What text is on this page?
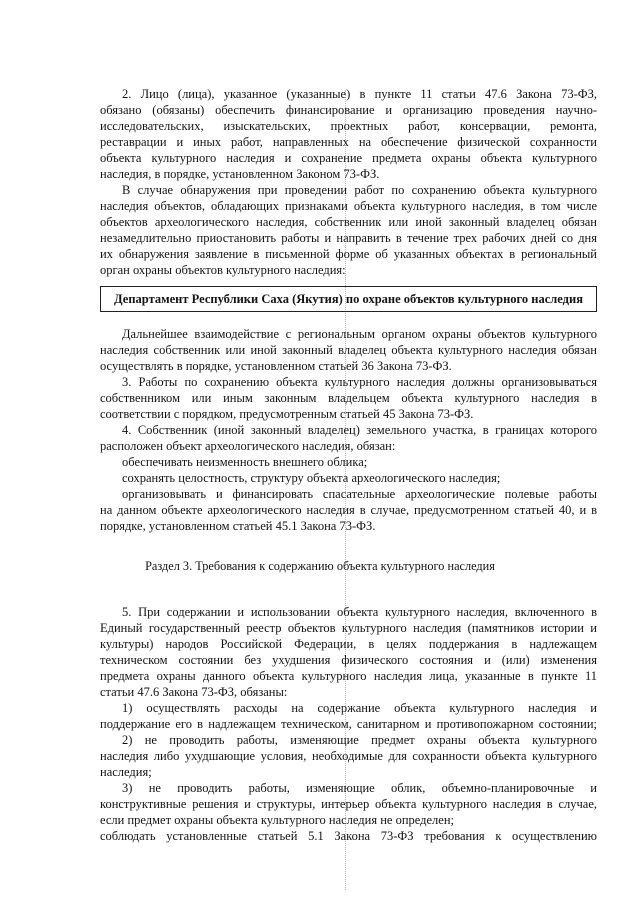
2. Лицо (лица), указанное (указанные) в пункте 11 статьи 47.6 Закона 73-ФЗ,

обязано (обязаны) обеспечить финансирование и организацию проведения научно-

исследовательских, изыскательских, проектных работ, консервации, ремонта,

реставрации и иных работ, направленных на обеспечение физической сохранности

объекта культурного наследия и сохранение предмета охраны объекта культурного

наследия, в порядке, установленном Законом 73-ФЗ.

В случае обнаружения при проведении работ по сохранению объекта культурного

наследия объектов, обладающих признаками объекта культурного наследия, в том числе

объектов археологического наследия, собственник или иной законный владелец обязан

незамедлительно приостановить работы и направить в течение трех рабочих дней со дня

их обнаружения заявление в письменной форме об указанных объектах в региональный

орган охраны объектов культурного наследия:

Департамент Республики Саха (Якутия) по охране объектов культурного наследия

Дальнейшее взаимодействие с региональным органом охраны объектов культурного

наследия собственник или иной законный владелец объекта культурного наследия обязан

осуществлять в порядке, установленном статьей 36 Закона 73-ФЗ.

3. Работы по сохранению объекта культурного наследия должны организовываться

собственником или иным законным владельцем объекта культурного наследия в

соответствии с порядком, предусмотренным статьей 45 Закона 73-ФЗ.

4. Собственник (иной законный владелец) земельного участка, в границах которого

расположен объект археологического наследия, обязан:

обеспечивать неизменность внешнего облика;

сохранять целостность, структуру объекта археологического наследия;

организовывать и финансировать спасательные археологические полевые работы

на данном объекте археологического наследия в случае, предусмотренном статьей 40, и в

порядке, установленном статьей 45.1 Закона 73-ФЗ.

Раздел 3. Требования к содержанию объекта культурного наследия

5. При содержании и использовании объекта культурного наследия, включенного в

Единый государственный реестр объектов культурного наследия (памятников истории и

культуры) народов Российской Федерации, в целях поддержания в надлежащем

техническом состоянии без ухудшения физического состояния и (или) изменения

предмета охраны данного объекта культурного наследия лица, указанные в пункте 11

статьи 47.6 Закона 73-ФЗ, обязаны:

1) осуществлять расходы на содержание объекта культурного наследия и

поддержание его в надлежащем техническом, санитарном и противопожарном состоянии;

2) не проводить работы, изменяющие предмет охраны объекта культурного

наследия либо ухудшающие условия, необходимые для сохранности объекта культурного

наследия;

3) не проводить работы, изменяющие облик, объемно-планировочные и

конструктивные решения и структуры, интерьер объекта культурного наследия в случае,

если предмет охраны объекта культурного наследия не определен;

соблюдать установленные статьей 5.1 Закона 73-ФЗ требования к осуществлению
